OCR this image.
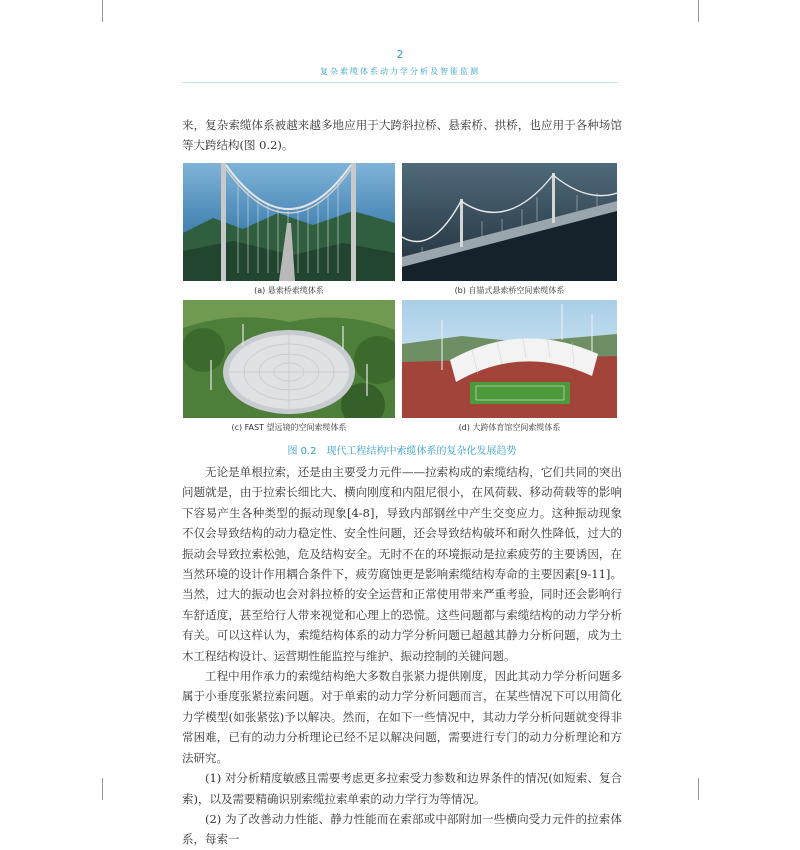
2
复杂索缆体系动力学分析及智能监测

来，复杂索缆体系被越来越多地应用于大跨斜拉桥、悬索桥、拱桥，也应用于各种场馆等大跨结构(图 0.2)。

(a) 悬索桥索缆体系	(b) 自锚式悬索桥空间索缆体系
(c) FAST 望远镜的空间索缆体系	(d) 大跨体育馆空间索缆体系
图 0.2 现代工程结构中索缆体系的复杂化发展趋势

无论是单根拉索，还是由主要受力元件——拉索构成的索缆结构，它们共同的突出问题就是，由于拉索长细比大、横向刚度和内阻尼很小，在风荷载、移动荷载等的影响下容易产生各种类型的振动现象[4-8]，导致内部钢丝中产生交变应力。这种振动现象不仅会导致结构的动力稳定性、安全性问题，还会导致结构破坏和耐久性降低，过大的振动会导致拉索松弛，危及结构安全。无时不在的环境振动是拉索疲劳的主要诱因，在当然环境的设计作用耦合条件下，疲劳腐蚀更是影响索缆结构寿命的主要因素[9-11]。当然，过大的振动也会对斜拉桥的安全运营和正常使用带来严重考验，同时还会影响行车舒适度，甚至给行人带来视觉和心理上的恐慌。这些问题都与索缆结构的动力学分析有关。可以这样认为，索缆结构体系的动力学分析问题已超越其静力分析问题，成为土木工程结构设计、运营期性能监控与维护、振动控制的关键问题。

工程中用作承力的索缆结构绝大多数自张紧力提供刚度，因此其动力学分析问题多属于小垂度张紧拉索问题。对于单索的动力学分析问题而言，在某些情况下可以用简化力学模型(如张紧弦)予以解决。然而，在如下一些情况中，其动力学分析问题就变得非常困难，已有的动力分析理论已经不足以解决问题，需要进行专门的动力分析理论和方法研究。

(1) 对分析精度敏感且需要考虑更多拉索受力参数和边界条件的情况(如短索、复合索)，以及需要精确识别索缆拉索单索的动力学行为等情况。

(2) 为了改善动力性能、静力性能而在索部或中部附加一些横向受力元件的拉索体系，每索一
